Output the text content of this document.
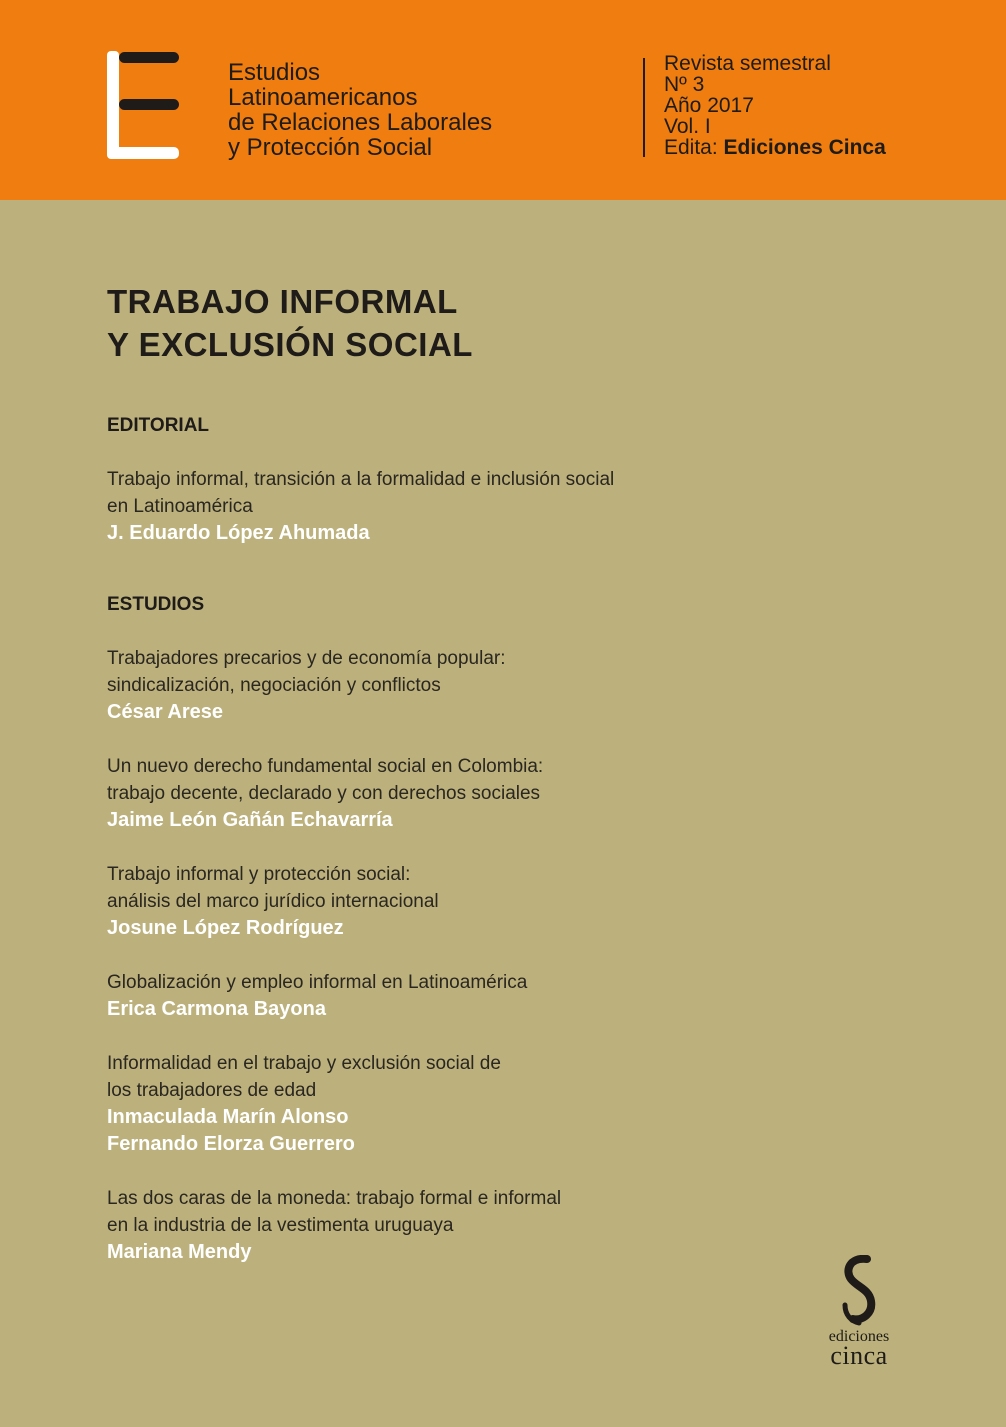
Estudios
Latinoamericanos
de Relaciones Laborales
y Protección Social
Revista semestral
Nº 3
Año 2017
Vol. I
Edita: Ediciones Cinca
TRABAJO INFORMAL
Y EXCLUSIÓN SOCIAL
EDITORIAL
Trabajo informal, transición a la formalidad e inclusión social
en Latinoamérica
J. Eduardo López Ahumada
ESTUDIOS
Trabajadores precarios y de economía popular:
sindicalización, negociación y conflictos
César Arese
Un nuevo derecho fundamental social en Colombia:
trabajo decente, declarado y con derechos sociales
Jaime León Gañán Echavarría
Trabajo informal y protección social:
análisis del marco jurídico internacional
Josune López Rodríguez
Globalización y empleo informal en Latinoamérica
Erica Carmona Bayona
Informalidad en el trabajo y exclusión social de
los trabajadores de edad
Inmaculada Marín Alonso
Fernando Elorza Guerrero
Las dos caras de la moneda: trabajo formal e informal
en la industria de la vestimenta uruguaya
Mariana Mendy
ediciones
cinca
